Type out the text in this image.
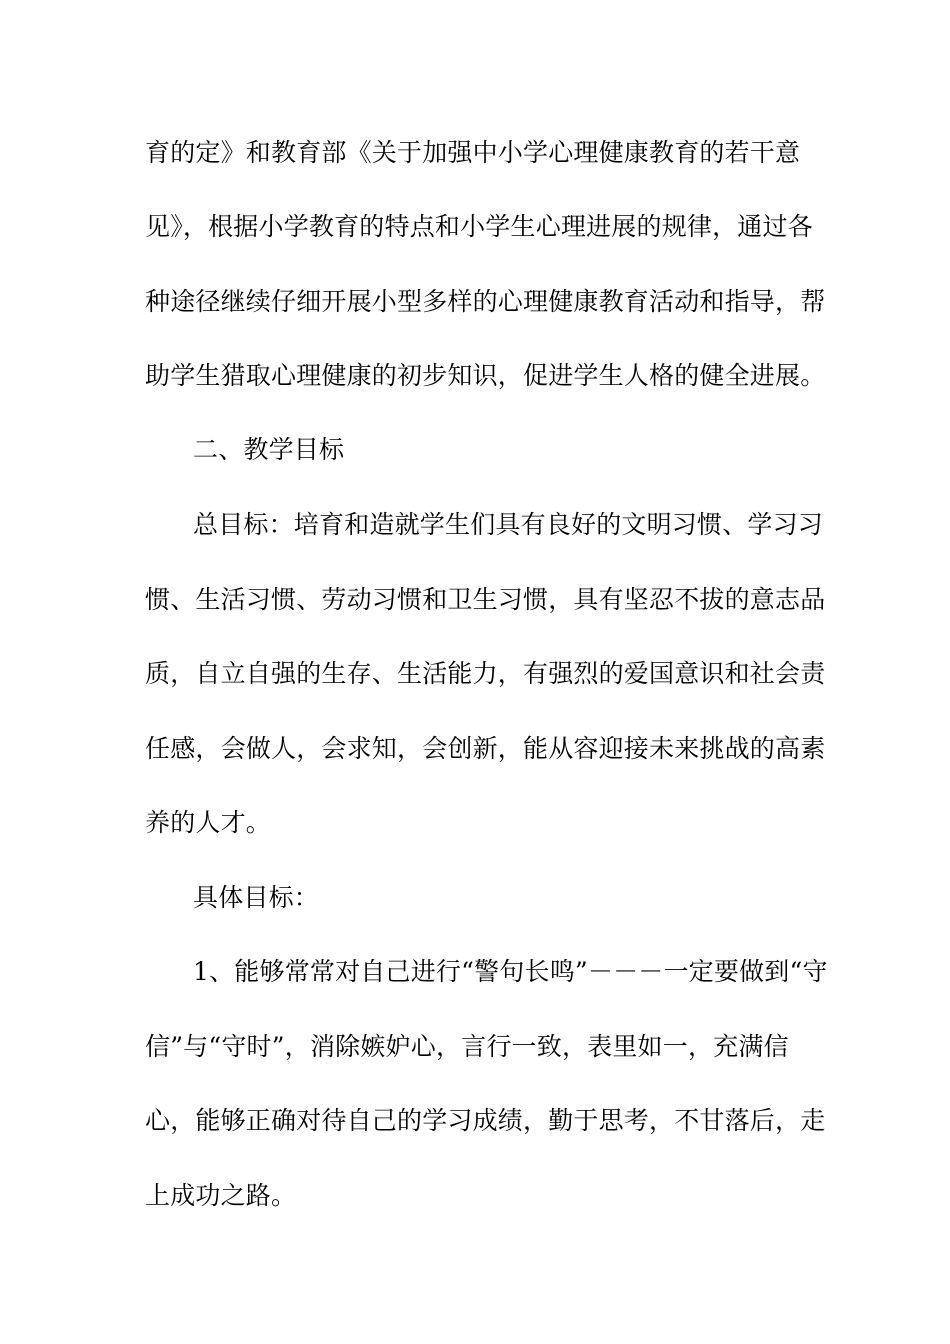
育的定》和教育部《关于加强中小学心理健康教育的若干意
见》，根据小学教育的特点和小学生心理进展的规律，通过各
种途径继续仔细开展小型多样的心理健康教育活动和指导，帮
助学生猎取心理健康的初步知识，促进学生人格的健全进展。
二、教学目标
总目标：培育和造就学生们具有良好的文明习惯、学习习
惯、生活习惯、劳动习惯和卫生习惯，具有坚忍不拔的意志品
质，自立自强的生存、生活能力，有强烈的爱国意识和社会责
任感，会做人，会求知，会创新，能从容迎接未来挑战的高素
养的人才。
具体目标：
1、能够常常对自己进行“警句长鸣”－－－一定要做到“守
信”与“守时”，消除嫉妒心，言行一致，表里如一，充满信
心，能够正确对待自己的学习成绩，勤于思考，不甘落后，走
上成功之路。
